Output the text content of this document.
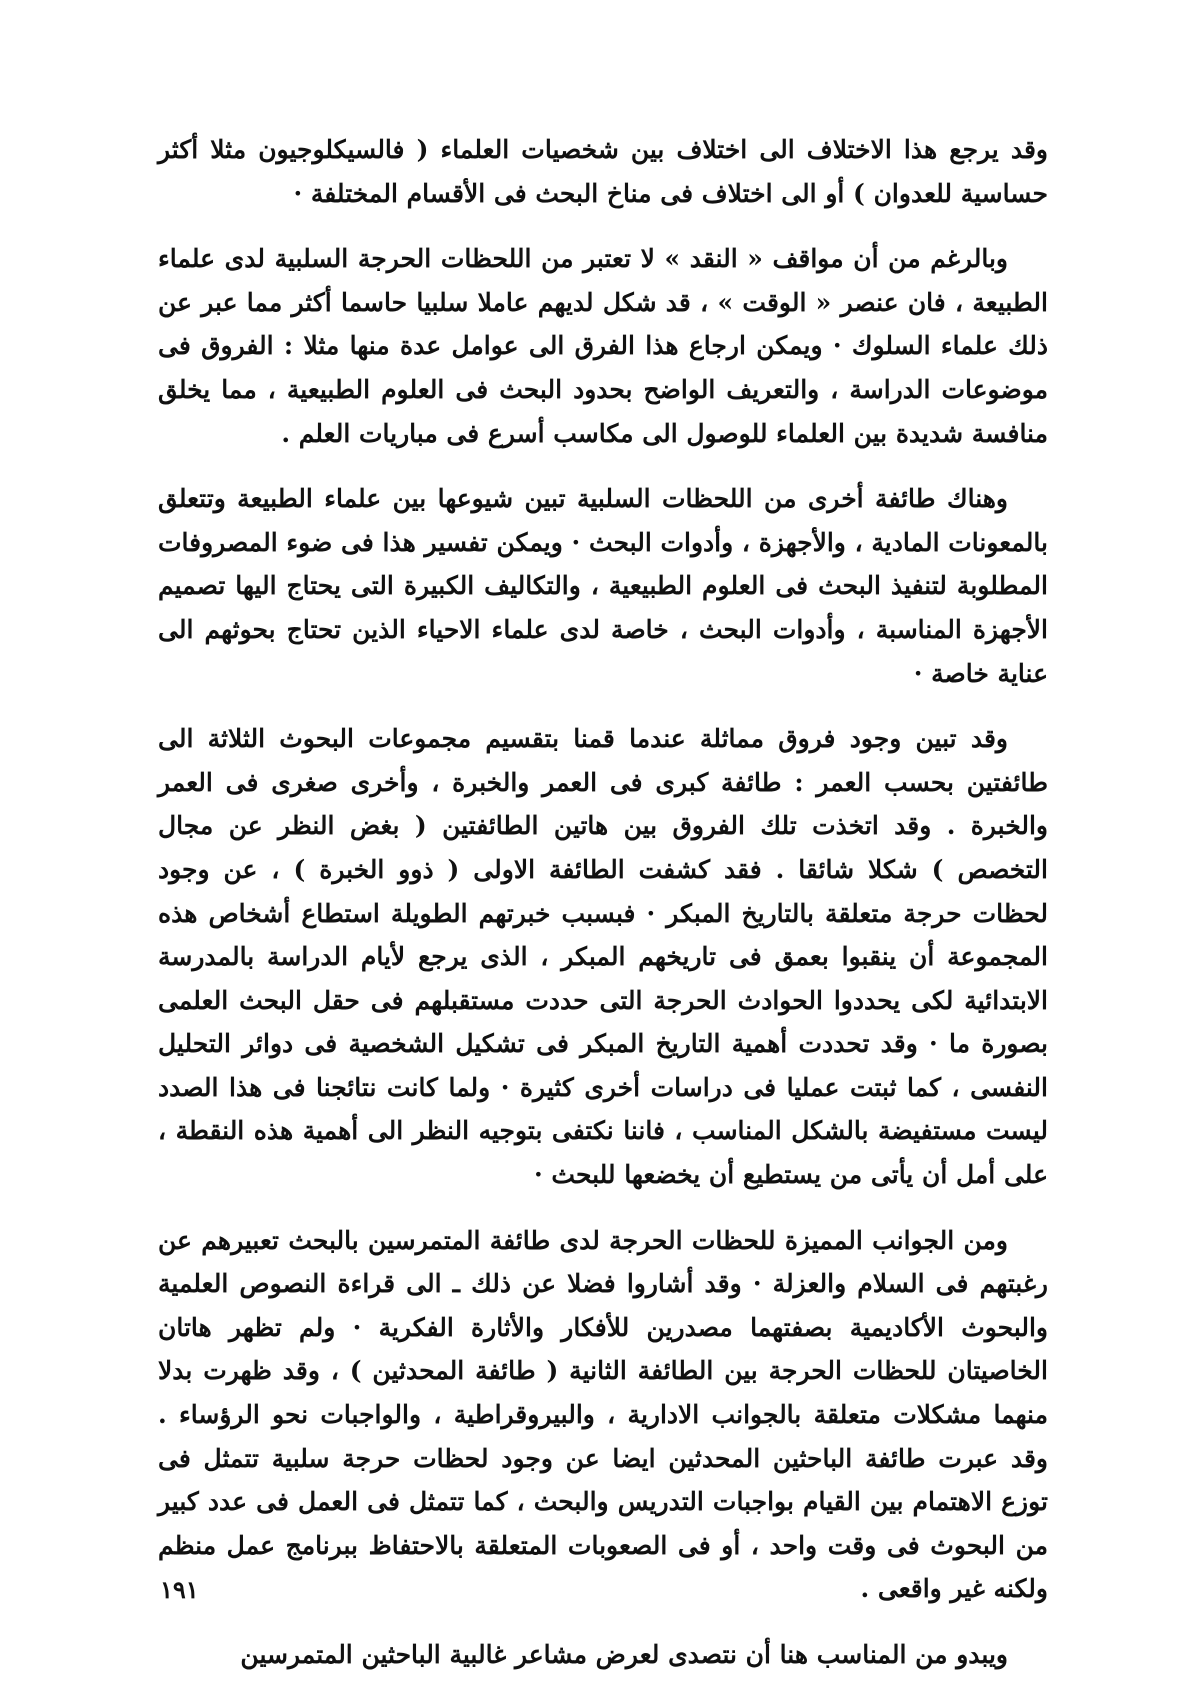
وقد يرجع هذا الاختلاف الى اختلاف بين شخصيات العلماء ( فالسيكلوجيون مثلا أكثر حساسية للعدوان ) أو الى اختلاف فى مناخ البحث فى الأقسام المختلفة ·

وبالرغم من أن مواقف « النقد » لا تعتبر من اللحظات الحرجة السلبية لدى علماء الطبيعة ، فان عنصر « الوقت » ، قد شكل لديهم عاملا سلبيا حاسما أكثر مما عبر عن ذلك علماء السلوك · ويمكن ارجاع هذا الفرق الى عوامل عدة منها مثلا : الفروق فى موضوعات الدراسة ، والتعريف الواضح بحدود البحث فى العلوم الطبيعية ، مما يخلق منافسة شديدة بين العلماء للوصول الى مكاسب أسرع فى مباريات العلم .

وهناك طائفة أخرى من اللحظات السلبية تبين شيوعها بين علماء الطبيعة وتتعلق بالمعونات المادية ، والأجهزة ، وأدوات البحث · ويمكن تفسير هذا فى ضوء المصروفات المطلوبة لتنفيذ البحث فى العلوم الطبيعية ، والتكاليف الكبيرة التى يحتاج اليها تصميم الأجهزة المناسبة ، وأدوات البحث ، خاصة لدى علماء الاحياء الذين تحتاج بحوثهم الى عناية خاصة ·

وقد تبين وجود فروق مماثلة عندما قمنا بتقسيم مجموعات البحوث الثلاثة الى طائفتين بحسب العمر : طائفة كبرى فى العمر والخبرة ، وأخرى صغرى فى العمر والخبرة . وقد اتخذت تلك الفروق بين هاتين الطائفتين ( بغض النظر عن مجال التخصص ) شكلا شائقا . فقد كشفت الطائفة الاولى ( ذوو الخبرة ) ، عن وجود لحظات حرجة متعلقة بالتاريخ المبكر · فبسبب خبرتهم الطويلة استطاع أشخاص هذه المجموعة أن ينقبوا بعمق فى تاريخهم المبكر ، الذى يرجع لأيام الدراسة بالمدرسة الابتدائية لكى يحددوا الحوادث الحرجة التى حددت مستقبلهم فى حقل البحث العلمى بصورة ما · وقد تحددت أهمية التاريخ المبكر فى تشكيل الشخصية فى دوائر التحليل النفسى ، كما ثبتت عمليا فى دراسات أخرى كثيرة · ولما كانت نتائجنا فى هذا الصدد ليست مستفيضة بالشكل المناسب ، فاننا نكتفى بتوجيه النظر الى أهمية هذه النقطة ، على أمل أن يأتى من يستطيع أن يخضعها للبحث ·

ومن الجوانب المميزة للحظات الحرجة لدى طائفة المتمرسين بالبحث تعبيرهم عن رغبتهم فى السلام والعزلة · وقد أشاروا فضلا عن ذلك ـ الى قراءة النصوص العلمية والبحوث الأكاديمية بصفتهما مصدرين للأفكار والأثارة الفكرية · ولم تظهر هاتان الخاصيتان للحظات الحرجة بين الطائفة الثانية ( طائفة المحدثين ) ، وقد ظهرت بدلا منهما مشكلات متعلقة بالجوانب الادارية ، والبيروقراطية ، والواجبات نحو الرؤساء . وقد عبرت طائفة الباحثين المحدثين ايضا عن وجود لحظات حرجة سلبية تتمثل فى توزع الاهتمام بين القيام بواجبات التدريس والبحث ، كما تتمثل فى العمل فى عدد كبير من البحوث فى وقت واحد ، أو فى الصعوبات المتعلقة بالاحتفاظ ببرنامج عمل منظم ولكنه غير واقعى .

ويبدو من المناسب هنا أن نتصدى لعرض مشاعر غالبية الباحثين المتمرسين

١٩١
